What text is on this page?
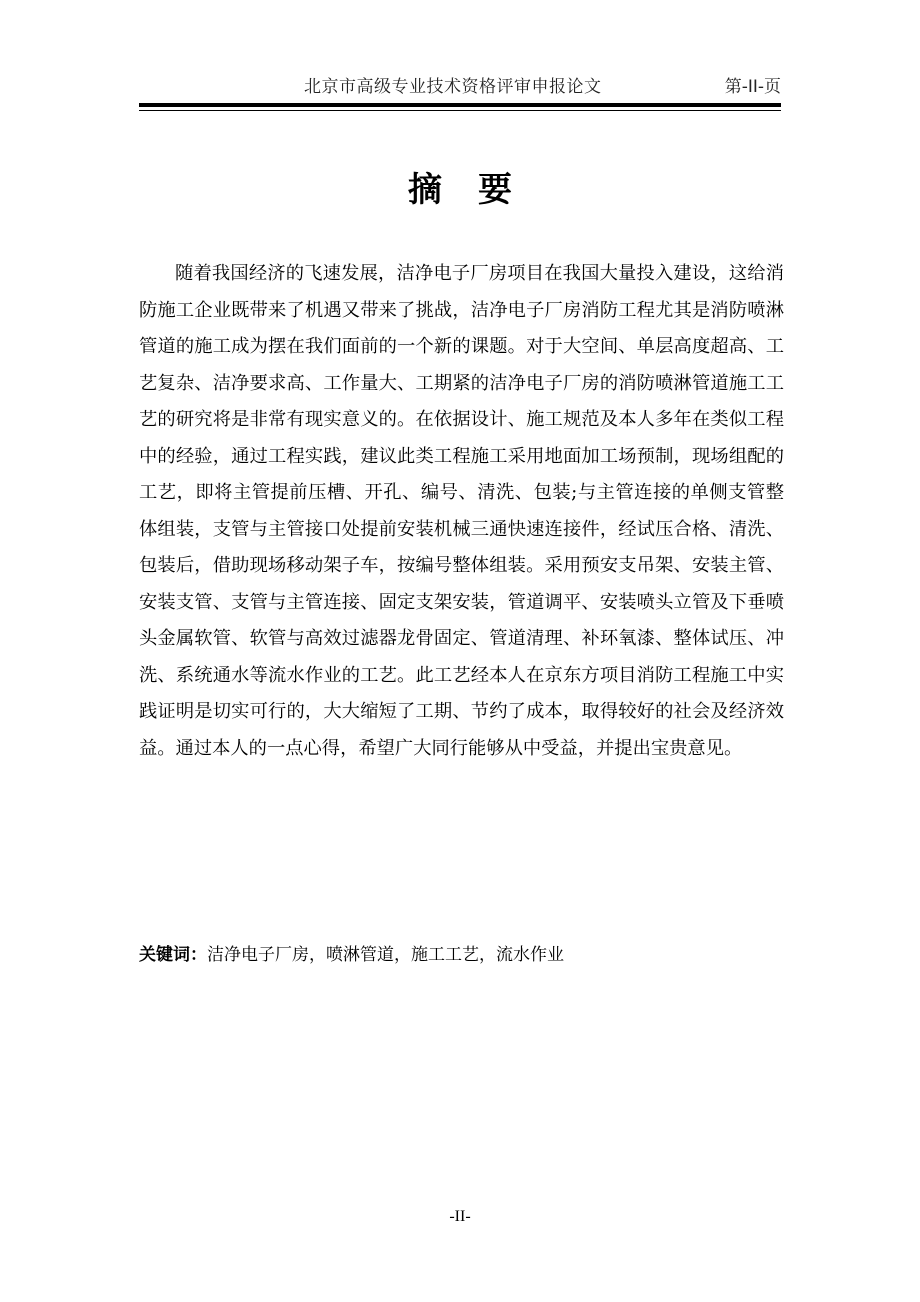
北京市高级专业技术资格评审申报论文	第-II-页
摘要

随着我国经济的飞速发展，洁净电子厂房项目在我国大量投入建设，这给消防施工企业既带来了机遇又带来了挑战，洁净电子厂房消防工程尤其是消防喷淋管道的施工成为摆在我们面前的一个新的课题。对于大空间、单层高度超高、工艺复杂、洁净要求高、工作量大、工期紧的洁净电子厂房的消防喷淋管道施工工艺的研究将是非常有现实意义的。在依据设计、施工规范及本人多年在类似工程中的经验，通过工程实践，建议此类工程施工采用地面加工场预制，现场组配的工艺，即将主管提前压槽、开孔、编号、清洗、包装;与主管连接的单侧支管整体组装，支管与主管接口处提前安装机械三通快速连接件，经试压合格、清洗、包装后，借助现场移动架子车，按编号整体组装。采用预安支吊架、安装主管、安装支管、支管与主管连接、固定支架安装，管道调平、安装喷头立管及下垂喷头金属软管、软管与高效过滤器龙骨固定、管道清理、补环氧漆、整体试压、冲洗、系统通水等流水作业的工艺。此工艺经本人在京东方项目消防工程施工中实践证明是切实可行的，大大缩短了工期、节约了成本，取得较好的社会及经济效益。通过本人的一点心得，希望广大同行能够从中受益，并提出宝贵意见。

关键词：洁净电子厂房，喷淋管道，施工工艺，流水作业
-II-
